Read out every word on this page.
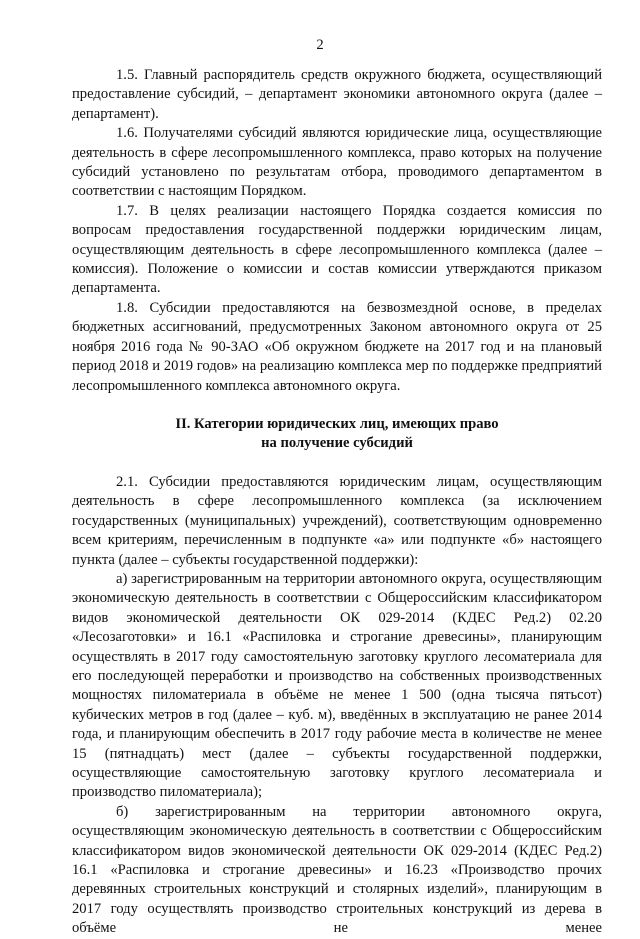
2

1.5. Главный распорядитель средств окружного бюджета, осуществляющий предоставление субсидий, – департамент экономики автономного округа (далее – департамент).

1.6. Получателями субсидий являются юридические лица, осуществляющие деятельность в сфере лесопромышленного комплекса, право которых на получение субсидий установлено по результатам отбора, проводимого департаментом в соответствии с настоящим Порядком.

1.7. В целях реализации настоящего Порядка создается комиссия по вопросам предоставления государственной поддержки юридическим лицам, осуществляющим деятельность в сфере лесопромышленного комплекса (далее – комиссия). Положение о комиссии и состав комиссии утверждаются приказом департамента.

1.8. Субсидии предоставляются на безвозмездной основе, в пределах бюджетных ассигнований, предусмотренных Законом автономного округа от 25 ноября 2016 года № 90-ЗАО «Об окружном бюджете на 2017 год и на плановый период 2018 и 2019 годов» на реализацию комплекса мер по поддержке предприятий лесопромышленного комплекса автономного округа.

II. Категории юридических лиц, имеющих право
на получение субсидий

2.1. Субсидии предоставляются юридическим лицам, осуществляющим деятельность в сфере лесопромышленного комплекса (за исключением государственных (муниципальных) учреждений), соответствующим одновременно всем критериям, перечисленным в подпункте «а» или подпункте «б» настоящего пункта (далее – субъекты государственной поддержки):

а) зарегистрированным на территории автономного округа, осуществляющим экономическую деятельность в соответствии с Общероссийским классификатором видов экономической деятельности ОК 029-2014 (КДЕС Ред.2) 02.20 «Лесозаготовки» и 16.1 «Распиловка и строгание древесины», планирующим осуществлять в 2017 году самостоятельную заготовку круглого лесоматериала для его последующей переработки и производство на собственных производственных мощностях пиломатериала в объёме не менее 1 500 (одна тысяча пятьсот) кубических метров в год (далее – куб. м), введённых в эксплуатацию не ранее 2014 года, и планирующим обеспечить в 2017 году рабочие места в количестве не менее 15 (пятнадцать) мест (далее – субъекты государственной поддержки, осуществляющие самостоятельную заготовку круглого лесоматериала и производство пиломатериала);

б) зарегистрированным на территории автономного округа, осуществляющим экономическую деятельность в соответствии с Общероссийским классификатором видов экономической деятельности ОК 029-2014 (КДЕС Ред.2) 16.1 «Распиловка и строгание древесины» и 16.23 «Производство прочих деревянных строительных конструкций и столярных изделий», планирующим в 2017 году осуществлять производство строительных конструкций из дерева в объёме не менее
